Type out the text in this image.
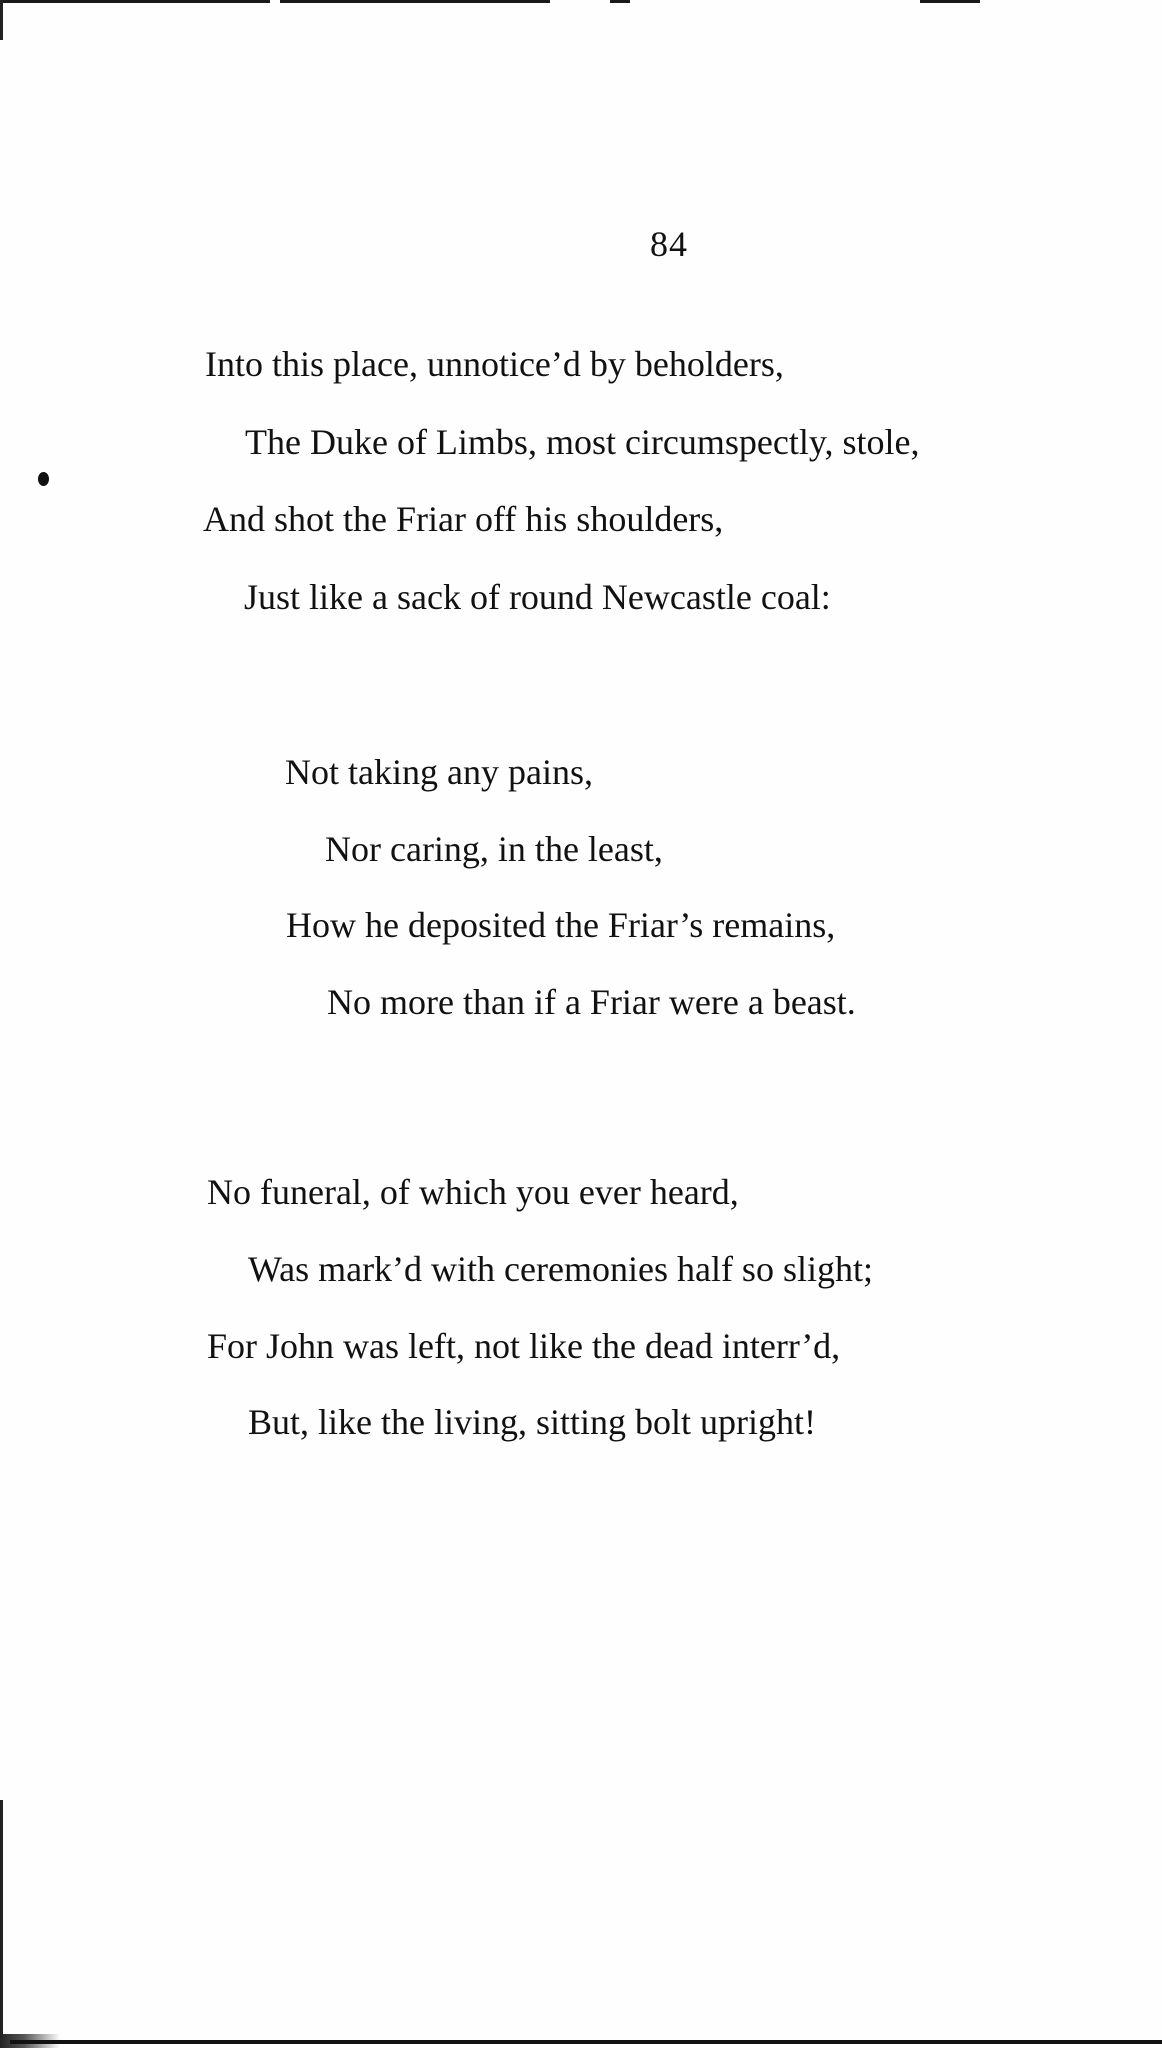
84
Into this place, unnotice’d by beholders,
The Duke of Limbs, most circumspectly, stole,
And shot the Friar off his shoulders,
Just like a sack of round Newcastle coal:
Not taking any pains,
Nor caring, in the least,
How he deposited the Friar’s remains,
No more than if a Friar were a beast.
No funeral, of which you ever heard,
Was mark’d with ceremonies half so slight;
For John was left, not like the dead interr’d,
But, like the living, sitting bolt upright!
